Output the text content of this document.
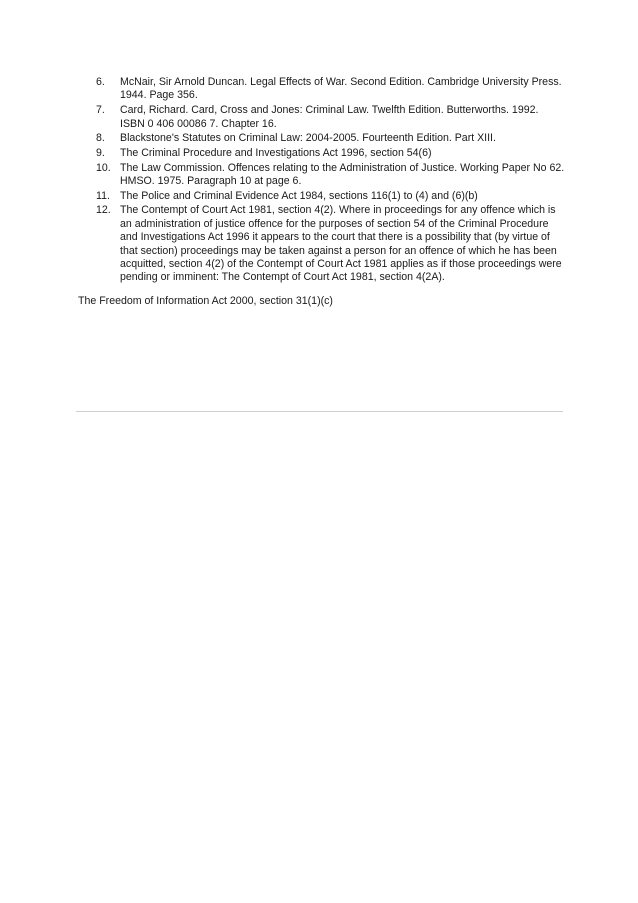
6.	McNair, Sir Arnold Duncan. Legal Effects of War. Second Edition. Cambridge University Press. 1944. Page 356.
7.	Card, Richard. Card, Cross and Jones: Criminal Law. Twelfth Edition. Butterworths. 1992. ISBN 0 406 00086 7. Chapter 16.
8.	Blackstone's Statutes on Criminal Law: 2004-2005. Fourteenth Edition. Part XIII.
9.	The Criminal Procedure and Investigations Act 1996, section 54(6)
10. The Law Commission. Offences relating to the Administration of Justice. Working Paper No 62. HMSO. 1975. Paragraph 10 at page 6.
11. The Police and Criminal Evidence Act 1984, sections 116(1) to (4) and (6)(b)
12. The Contempt of Court Act 1981, section 4(2). Where in proceedings for any offence which is an administration of justice offence for the purposes of section 54 of the Criminal Procedure and Investigations Act 1996 it appears to the court that there is a possibility that (by virtue of that section) proceedings may be taken against a person for an offence of which he has been acquitted, section 4(2) of the Contempt of Court Act 1981 applies as if those proceedings were pending or imminent: The Contempt of Court Act 1981, section 4(2A).

The Freedom of Information Act 2000, section 31(1)(c)
